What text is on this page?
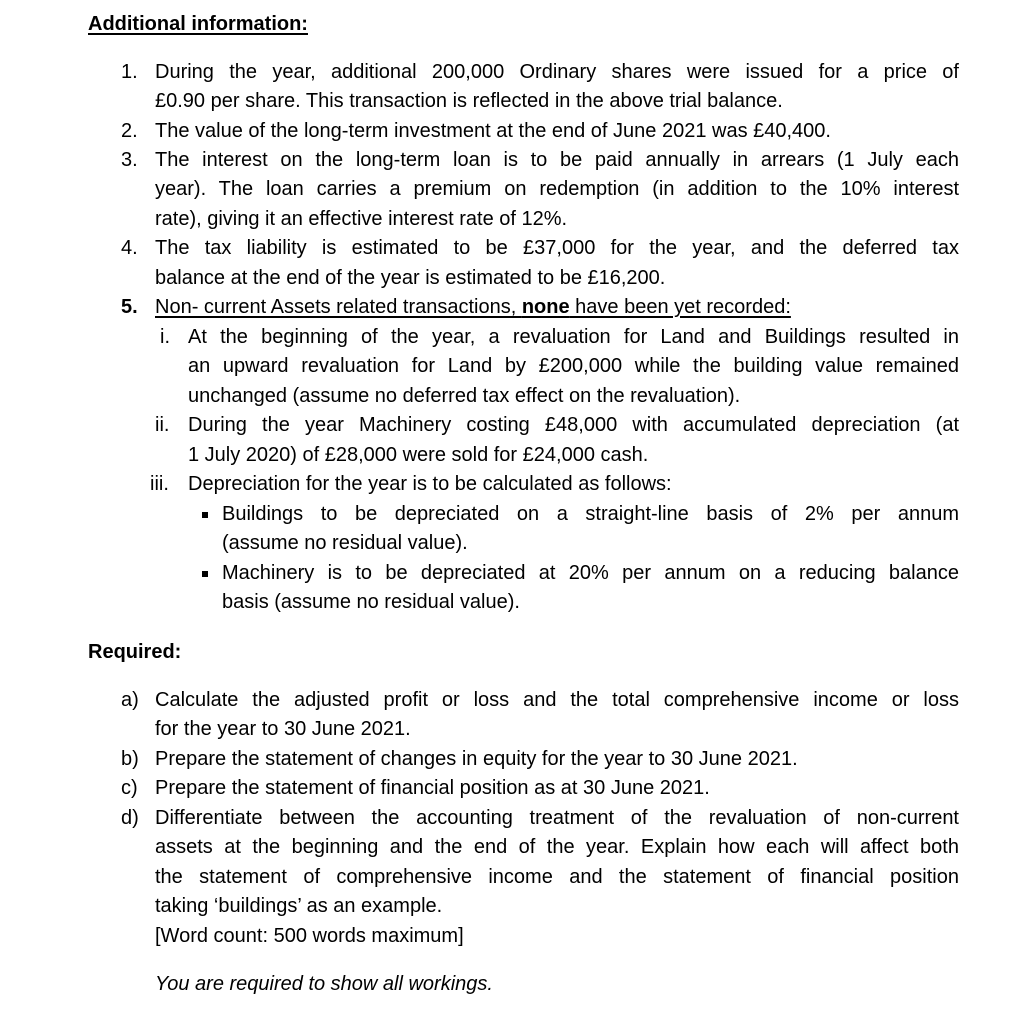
Additional information:
1. During the year, additional 200,000 Ordinary shares were issued for a price of
£0.90 per share. This transaction is reflected in the above trial balance.
2. The value of the long-term investment at the end of June 2021 was £40,400.
3. The interest on the long-term loan is to be paid annually in arrears (1 July each
year). The loan carries a premium on redemption (in addition to the 10% interest
rate), giving it an effective interest rate of 12%.
4. The tax liability is estimated to be £37,000 for the year, and the deferred tax
balance at the end of the year is estimated to be £16,200.
5. Non- current Assets related transactions, none have been yet recorded:
i. At the beginning of the year, a revaluation for Land and Buildings resulted in
an upward revaluation for Land by £200,000 while the building value remained
unchanged (assume no deferred tax effect on the revaluation).
ii. During the year Machinery costing £48,000 with accumulated depreciation (at
1 July 2020) of £28,000 were sold for £24,000 cash.
iii. Depreciation for the year is to be calculated as follows:
Buildings to be depreciated on a straight-line basis of 2% per annum
(assume no residual value).
Machinery is to be depreciated at 20% per annum on a reducing balance
basis (assume no residual value).
Required:
a) Calculate the adjusted profit or loss and the total comprehensive income or loss
for the year to 30 June 2021.
b) Prepare the statement of changes in equity for the year to 30 June 2021.
c) Prepare the statement of financial position as at 30 June 2021.
d) Differentiate between the accounting treatment of the revaluation of non-current
assets at the beginning and the end of the year. Explain how each will affect both
the statement of comprehensive income and the statement of financial position
taking ‘buildings’ as an example.
[Word count: 500 words maximum]
You are required to show all workings.
